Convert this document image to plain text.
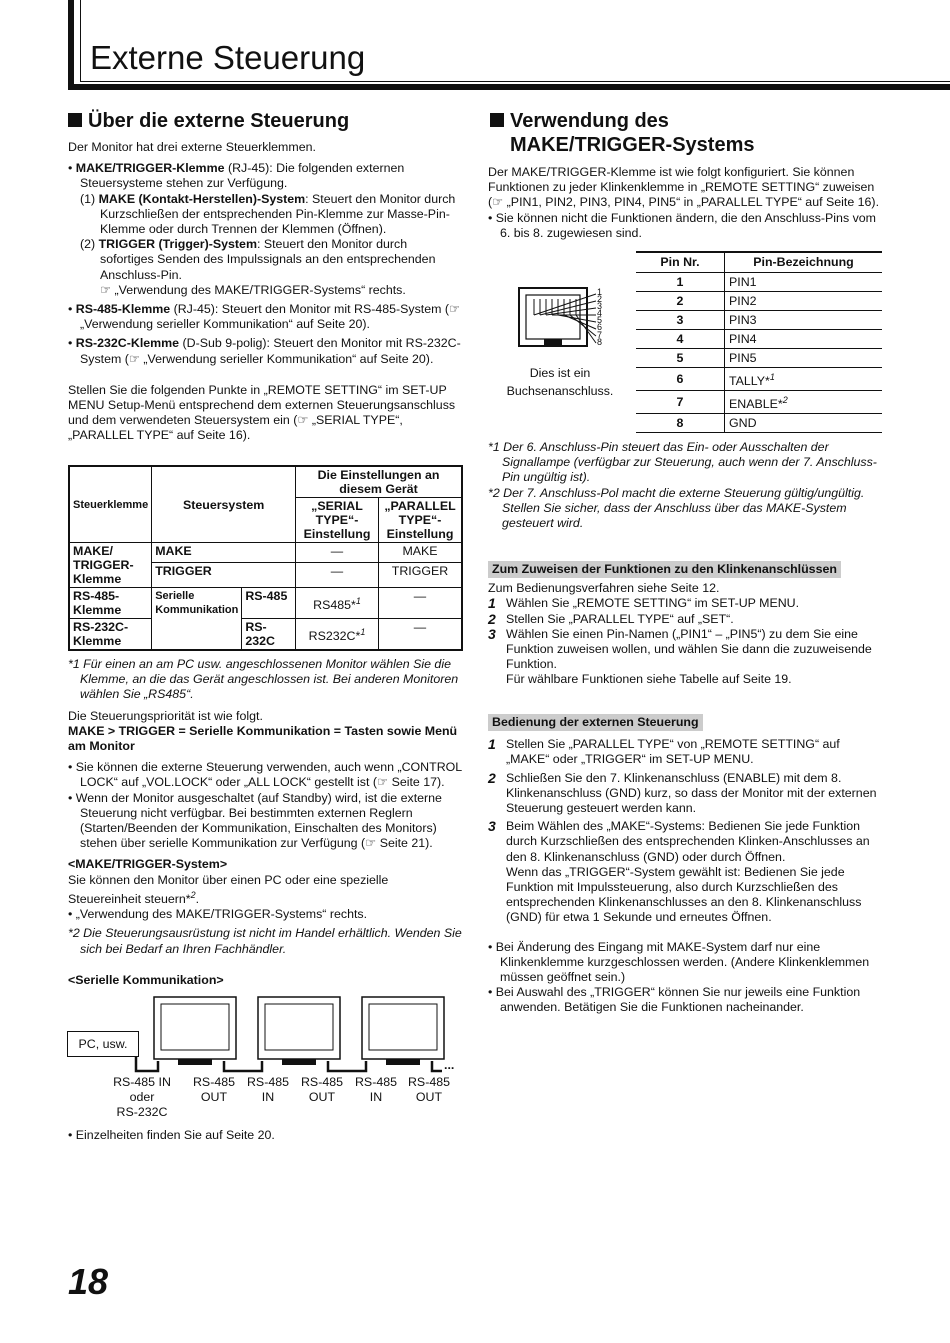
Externe Steuerung
Über die externe Steuerung

Der Monitor hat drei externe Steuerklemmen.

• MAKE/TRIGGER-Klemme (RJ-45): Die folgenden externen Steuersysteme stehen zur Verfügung.

(1) MAKE (Kontakt-Herstellen)-System: Steuert den Monitor durch Kurzschließen der entsprechenden Pin-Klemme zur Masse-Pin-Klemme oder durch Trennen der Klemmen (Öffnen).

(2) TRIGGER (Trigger)-System: Steuert den Monitor durch sofortiges Senden des Impulssignals an den entsprechenden Anschluss-Pin.

☞ „Verwendung des MAKE/TRIGGER-Systems“ rechts.

• RS-485-Klemme (RJ-45): Steuert den Monitor mit RS-485-System (☞ „Verwendung serieller Kommunikation“ auf Seite 20).

• RS-232C-Klemme (D-Sub 9-polig): Steuert den Monitor mit RS-232C-System (☞ „Verwendung serieller Kommunikation“ auf Seite 20).

Stellen Sie die folgenden Punkte in „REMOTE SETTING“ im SET-UP MENU Setup-Menü entsprechend dem externen Steuerungsanschluss und dem verwendeten Steuersystem ein (☞ „SERIAL TYPE“, „PARALLEL TYPE“ auf Seite 16).

Steuerklemme	Steuersystem		Die Einstellungen an diesem Gerät	
			„SERIAL TYPE“-Einstellung	„PARALLEL TYPE“-Einstellung
MAKE/ TRIGGER-Klemme	MAKE		—	MAKE
	TRIGGER		—	TRIGGER
RS-485-Klemme	Serielle Kommunikation	RS-485	RS485*$^1$	—
RS-232C-Klemme		RS-232C	RS232C*$^1$	—

*1 Für einen an am PC usw. angeschlossenen Monitor wählen Sie die Klemme, an die das Gerät angeschlossen ist. Bei anderen Monitoren wählen Sie „RS485“.

Die Steuerungspriorität ist wie folgt.

MAKE > TRIGGER = Serielle Kommunikation = Tasten sowie Menü am Monitor

• Sie können die externe Steuerung verwenden, auch wenn „CONTROL LOCK“ auf „VOL.LOCK“ oder „ALL LOCK“ gestellt ist (☞ Seite 17).

• Wenn der Monitor ausgeschaltet (auf Standby) wird, ist die externe Steuerung nicht verfügbar. Bei bestimmten externen Reglern (Starten/Beenden der Kommunikation, Einschalten des Monitors) stehen über serielle Kommunikation zur Verfügung (☞ Seite 21).

<MAKE/TRIGGER-System>

Sie können den Monitor über einen PC oder eine spezielle Steuereinheit steuern*$^2$.

• „Verwendung des MAKE/TRIGGER-Systems“ rechts.

*2 Die Steuerungsausrüstung ist nicht im Handel erhältlich. Wenden Sie sich bei Bedarf an Ihren Fachhändler.

<Serielle Kommunikation>

PC, usw.
...
RS-485 IN
oder
RS-232C
RS-485
OUT
RS-485
IN
RS-485
OUT
RS-485
IN
RS-485
OUT

• Einzelheiten finden Sie auf Seite 20.

Verwendung des
MAKE/TRIGGER-Systems

Der MAKE/TRIGGER-Klemme ist wie folgt konfiguriert. Sie können Funktionen zu jeder Klinkenklemme in „REMOTE SETTING“ zuweisen (☞ „PIN1, PIN2, PIN3, PIN4, PIN5“ in „PARALLEL TYPE“ auf Seite 16).

• Sie können nicht die Funktionen ändern, die den Anschluss-Pins vom 6. bis 8. zugewiesen sind.

1
2
3
4
5
6
7
8
Dies ist ein
Buchsenanschluss.
Pin Nr.	Pin-Bezeichnung
1	PIN1
2	PIN2
3	PIN3
4	PIN4
5	PIN5
6	TALLY*$^1$
7	ENABLE*$^2$
8	GND

*1 Der 6. Anschluss-Pin steuert das Ein- oder Ausschalten der Signallampe (verfügbar zur Steuerung, auch wenn der 7. Anschluss-Pin ungültig ist).

*2 Der 7. Anschluss-Pol macht die externe Steuerung gültig/ungültig. Stellen Sie sicher, dass der Anschluss über das MAKE-System gesteuert wird.

Zum Zuweisen der Funktionen zu den Klinkenanschlüssen

Zum Bedienungsverfahren siehe Seite 12.

1 Wählen Sie „REMOTE SETTING“ im SET-UP MENU.

2 Stellen Sie „PARALLEL TYPE“ auf „SET“.

3 Wählen Sie einen Pin-Namen („PIN1“ – „PIN5“) zu dem Sie eine Funktion zuweisen wollen, und wählen Sie dann die zuzuweisende Funktion.

Für wählbare Funktionen siehe Tabelle auf Seite 19.

Bedienung der externen Steuerung

1 Stellen Sie „PARALLEL TYPE“ von „REMOTE SETTING“ auf „MAKE“ oder „TRIGGER“ im SET-UP MENU.

2 Schließen Sie den 7. Klinkenanschluss (ENABLE) mit dem 8. Klinkenanschluss (GND) kurz, so dass der Monitor mit der externen Steuerung gesteuert werden kann.

3 Beim Wählen des „MAKE“-Systems: Bedienen Sie jede Funktion durch Kurzschließen des entsprechenden Klinken-Anschlusses an den 8. Klinkenanschluss (GND) oder durch Öffnen.

Wenn das „TRIGGER“-System gewählt ist: Bedienen Sie jede Funktion mit Impulssteuerung, also durch Kurzschließen des entsprechenden Klinkenanschlusses an den 8. Klinkenanschluss (GND) für etwa 1 Sekunde und erneutes Öffnen.

• Bei Änderung des Eingang mit MAKE-System darf nur eine Klinkenklemme kurzgeschlossen werden. (Andere Klinkenklemmen müssen geöffnet sein.)

• Bei Auswahl des „TRIGGER“ können Sie nur jeweils eine Funktion anwenden. Betätigen Sie die Funktionen nacheinander.

18
